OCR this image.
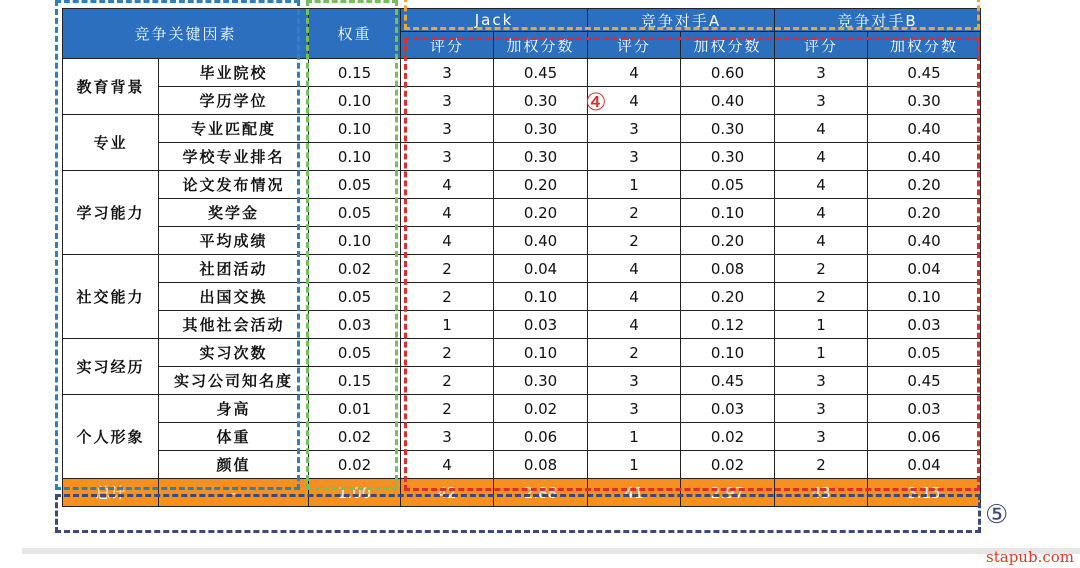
竞争关键因素		权重	Jack		竞争对手A		竞争对手B	
			评分	加权分数	评分	加权分数	评分	加权分数
教育背景	毕业院校	0.15	3	0.45	4	0.60	3	0.45
	学历学位	0.10	3	0.30	4	0.40	3	0.30
专业	专业匹配度	0.10	3	0.30	3	0.30	4	0.40
	学校专业排名	0.10	3	0.30	3	0.30	4	0.40
学习能力	论文发布情况	0.05	4	0.20	1	0.05	4	0.20
	奖学金	0.05	4	0.20	2	0.10	4	0.20
	平均成绩	0.10	4	0.40	2	0.20	4	0.40
社交能力	社团活动	0.02	2	0.04	4	0.08	2	0.04
	出国交换	0.05	2	0.10	4	0.20	2	0.10
	其他社会活动	0.03	1	0.03	4	0.12	1	0.03
实习经历	实习次数	0.05	2	0.10	2	0.10	1	0.05
	实习公司知名度	0.15	2	0.30	3	0.45	3	0.45
个人形象	身高	0.01	2	0.02	3	0.03	3	0.03
	体重	0.02	3	0.06	1	0.02	3	0.06
	颜值	0.02	4	0.08	1	0.02	2	0.04
总计	-	1.00	42	2.88	41	2.97	43	3.15
④
⑤
stapub.com
